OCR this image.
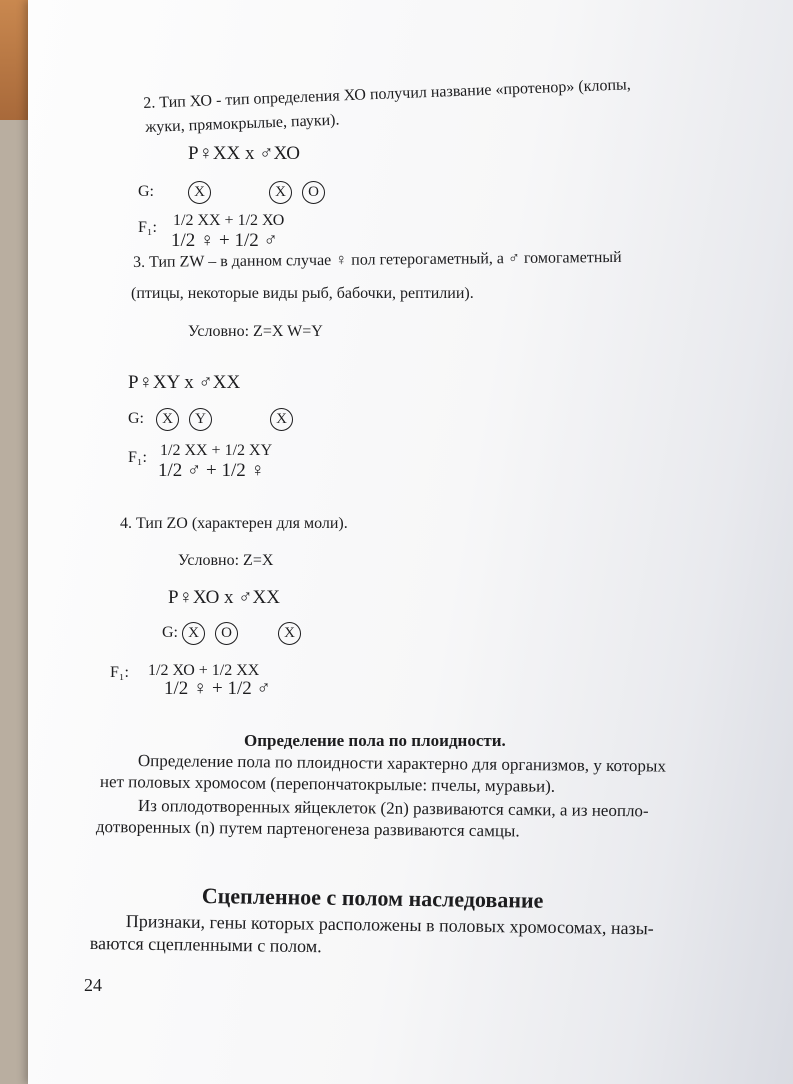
2. Тип ХО - тип определения ХО получил название «протенор» (клопы,
жуки, прямокрылые, пауки).
Р♀ХХ х ♂ХО
G:	Х	Х О
F₁: 1/2 ХХ + 1/2 ХО
1/2 ♀ + 1/2 ♂
3. Тип ZW – в данном случае ♀ пол гетерогаметный, а ♂ гомогаметный
(птицы, некоторые виды рыб, бабочки, рептилии).
Условно: Z=X W=Y
Р♀ХY х ♂ХХ
G: Х Y	Х
F₁: 1/2 ХХ + 1/2 ХY
1/2 ♂ + 1/2 ♀
4. Тип ZO (характерен для моли).
Условно: Z=X
Р♀ХО х ♂ХХ
G: Х О	Х
F₁: 1/2 ХО + 1/2 ХХ
1/2 ♀ + 1/2 ♂
Определение пола по плоидности.
Определение пола по плоидности характерно для организмов, у которых
нет половых хромосом (перепончатокрылые: пчелы, муравьи).
Из оплодотворенных яйцеклеток (2n) развиваются самки, а из неопло-
дотворенных (n) путем партеногенеза развиваются самцы.
Сцепленное с полом наследование
Признаки, гены которых расположены в половых хромосомах, назы-
ваются сцепленными с полом.
24
